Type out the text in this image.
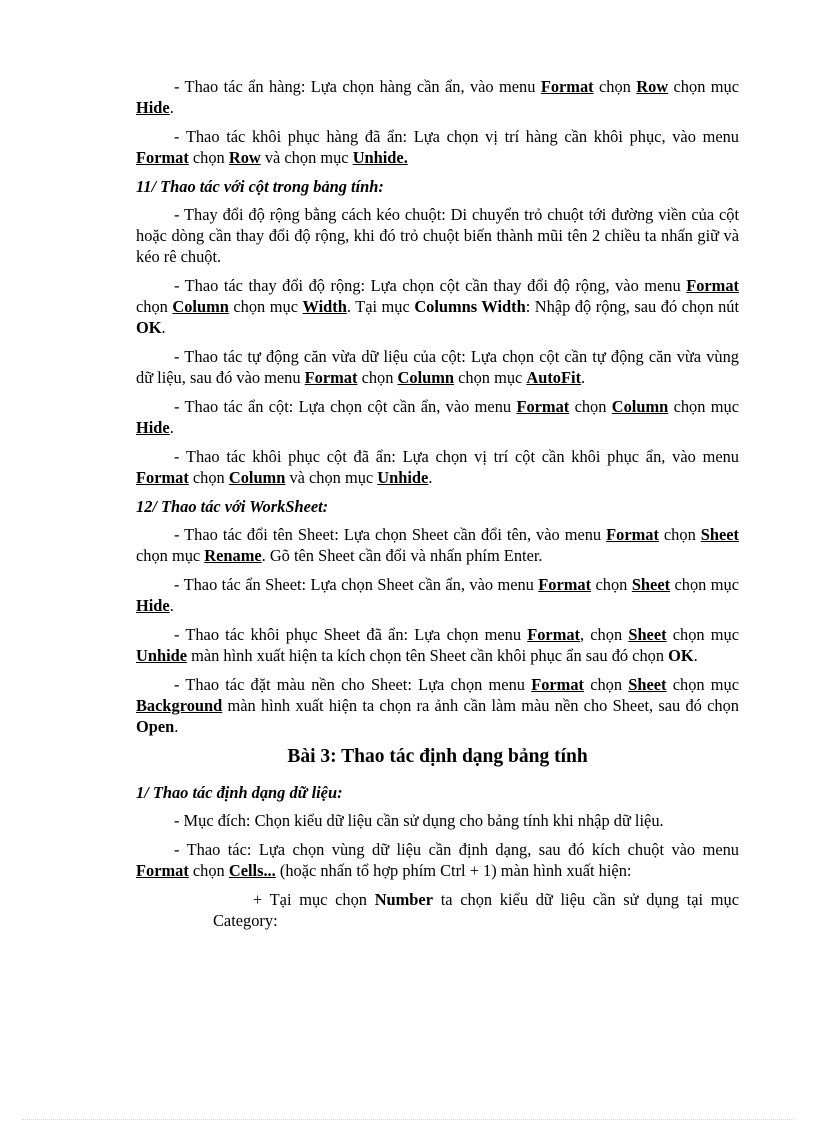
- Thao tác ẩn hàng: Lựa chọn hàng cần ẩn, vào menu Format chọn Row chọn mục Hide.

- Thao tác khôi phục hàng đã ẩn: Lựa chọn vị trí hàng cần khôi phục, vào menu Format chọn Row và chọn mục Unhide.

11/ Thao tác với cột trong bảng tính:

- Thay đổi độ rộng bằng cách kéo chuột: Di chuyển trỏ chuột tới đường viền của cột hoặc dòng cần thay đổi độ rộng, khi đó trỏ chuột biến thành mũi tên 2 chiều ta nhấn giữ và kéo rê chuột.

- Thao tác thay đổi độ rộng: Lựa chọn cột cần thay đổi độ rộng, vào menu Format chọn Column chọn mục Width. Tại mục Columns Width: Nhập độ rộng, sau đó chọn nút OK.

- Thao tác tự động căn vừa dữ liệu của cột: Lựa chọn cột cần tự động căn vừa vùng dữ liệu, sau đó vào menu Format chọn Column chọn mục AutoFit.

- Thao tác ẩn cột: Lựa chọn cột cần ẩn, vào menu Format chọn Column chọn mục Hide.

- Thao tác khôi phục cột đã ẩn: Lựa chọn vị trí cột cần khôi phục ẩn, vào menu Format chọn Column và chọn mục Unhide.

12/ Thao tác với WorkSheet:

- Thao tác đổi tên Sheet: Lựa chọn Sheet cần đổi tên, vào menu Format chọn Sheet chọn mục Rename. Gõ tên Sheet cần đổi và nhấn phím Enter.

- Thao tác ẩn Sheet: Lựa chọn Sheet cần ẩn, vào menu Format chọn Sheet chọn mục Hide.

- Thao tác khôi phục Sheet đã ẩn: Lựa chọn menu Format, chọn Sheet chọn mục Unhide màn hình xuất hiện ta kích chọn tên Sheet cần khôi phục ẩn sau đó chọn OK.

- Thao tác đặt màu nền cho Sheet: Lựa chọn menu Format chọn Sheet chọn mục Background màn hình xuất hiện ta chọn ra ảnh cần làm màu nền cho Sheet, sau đó chọn Open.

Bài 3: Thao tác định dạng bảng tính

1/ Thao tác định dạng dữ liệu:

- Mục đích: Chọn kiểu dữ liệu cần sử dụng cho bảng tính khi nhập dữ liệu.

- Thao tác: Lựa chọn vùng dữ liệu cần định dạng, sau đó kích chuột vào menu Format chọn Cells... (hoặc nhấn tổ hợp phím Ctrl + 1) màn hình xuất hiện:

+ Tại mục chọn Number ta chọn kiểu dữ liệu cần sử dụng tại mục Category:
